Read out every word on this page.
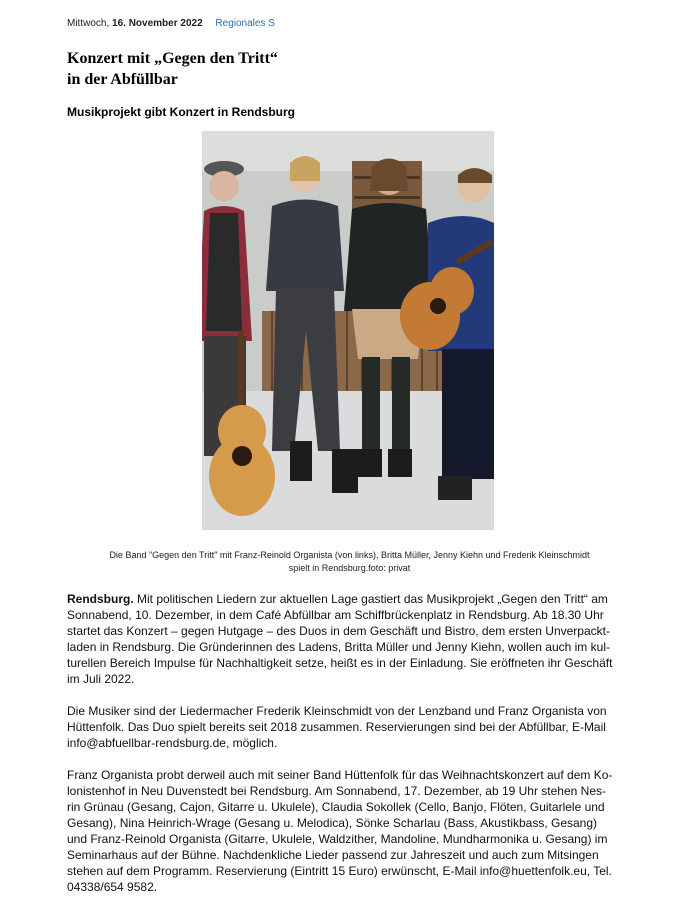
Mittwoch, 16. November 2022 Regionales S
Konzert mit „Gegen den Tritt“
in der Abfüllbar
Musikprojekt gibt Konzert in Rendsburg
Die Band "Gegen den Tritt" mit Franz-Reinold Organista (von links), Britta Müller, Jenny Kiehn und Frederik Kleinschmidt
spielt in Rendsburg.foto: privat

Rendsburg. Mit politischen Liedern zur aktuellen Lage gastiert das Musikprojekt „Gegen den Tritt“ am
Sonnabend, 10. Dezember, in dem Café Abfüllbar am Schiffbrückenplatz in Rendsburg. Ab 18.30 Uhr
startet das Konzert – gegen Hutgage – des Duos in dem Geschäft und Bistro, dem ersten Unverpackt-
laden in Rendsburg. Die Gründerinnen des Ladens, Britta Müller und Jenny Kiehn, wollen auch im kul-
turellen Bereich Impulse für Nachhaltigkeit setze, heißt es in der Einladung. Sie eröffneten ihr Geschäft
im Juli 2022.

Die Musiker sind der Liedermacher Frederik Kleinschmidt von der Lenzband und Franz Organista von
Hüttenfolk. Das Duo spielt bereits seit 2018 zusammen. Reservierungen sind bei der Abfüllbar, E-Mail
info@abfuellbar-rendsburg.de, möglich.

Franz Organista probt derweil auch mit seiner Band Hüttenfolk für das Weihnachtskonzert auf dem Ko-
lonistenhof in Neu Duvenstedt bei Rendsburg. Am Sonnabend, 17. Dezember, ab 19 Uhr stehen Nes-
rin Grünau (Gesang, Cajon, Gitarre u. Ukulele), Claudia Sokollek (Cello, Banjo, Flöten, Guitarlele und
Gesang), Nina Heinrich-Wrage (Gesang u. Melodica), Sönke Scharlau (Bass, Akustikbass, Gesang)
und Franz-Reinold Organista (Gitarre, Ukulele, Waldzither, Mandoline, Mundharmonika u. Gesang) im
Seminarhaus auf der Bühne. Nachdenkliche Lieder passend zur Jahreszeit und auch zum Mitsingen
stehen auf dem Programm. Reservierung (Eintritt 15 Euro) erwünscht, E-Mail info@huettenfolk.eu, Tel.
04338/654 9582.
